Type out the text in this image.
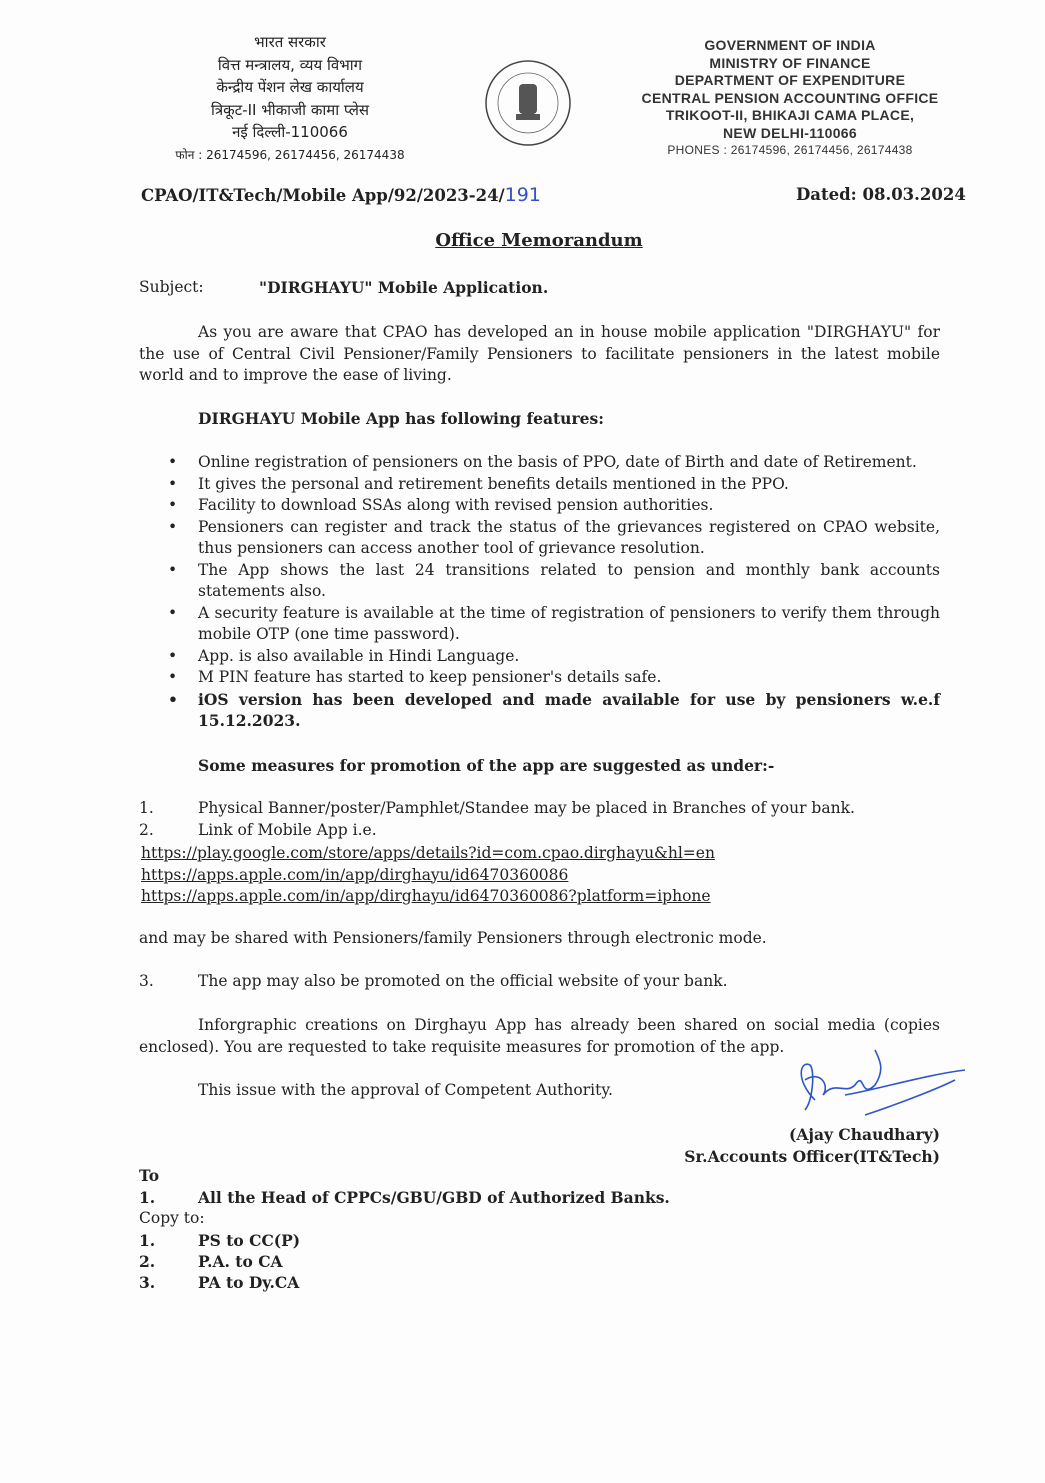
भारत सरकार
वित्त मन्त्रालय, व्यय विभाग
केन्द्रीय पेंशन लेख कार्यालय
त्रिकूट-II भीकाजी कामा प्लेस
नई दिल्ली-110066
फोन : 26174596, 26174456, 26174438
GOVERNMENT OF INDIA
MINISTRY OF FINANCE
DEPARTMENT OF EXPENDITURE
CENTRAL PENSION ACCOUNTING OFFICE
TRIKOOT-II, BHIKAJI CAMA PLACE,
NEW DELHI-110066
PHONES : 26174596, 26174456, 26174438
CPAO/IT&Tech/Mobile App/92/2023-24/191	Dated: 08.03.2024
Office Memorandum
Subject:	"DIRGHAYU" Mobile Application.
As you are aware that CPAO has developed an in house mobile application "DIRGHAYU" for the use of Central Civil Pensioner/Family Pensioners to facilitate pensioners in the latest mobile world and to improve the ease of living.
DIRGHAYU Mobile App has following features:
• Online registration of pensioners on the basis of PPO, date of Birth and date of Retirement.
• It gives the personal and retirement benefits details mentioned in the PPO.
• Facility to download SSAs along with revised pension authorities.
• Pensioners can register and track the status of the grievances registered on CPAO website, thus pensioners can access another tool of grievance resolution.
• The App shows the last 24 transitions related to pension and monthly bank accounts statements also.
• A security feature is available at the time of registration of pensioners to verify them through mobile OTP (one time password).
• App. is also available in Hindi Language.
• M PIN feature has started to keep pensioner's details safe.
• iOS version has been developed and made available for use by pensioners w.e.f 15.12.2023.
Some measures for promotion of the app are suggested as under:-
1.	Physical Banner/poster/Pamphlet/Standee may be placed in Branches of your bank.
2.	Link of Mobile App i.e.
https://play.google.com/store/apps/details?id=com.cpao.dirghayu&hl=en
https://apps.apple.com/in/app/dirghayu/id6470360086
https://apps.apple.com/in/app/dirghayu/id6470360086?platform=iphone
and may be shared with Pensioners/family Pensioners through electronic mode.
3.	The app may also be promoted on the official website of your bank.
Inforgraphic creations on Dirghayu App has already been shared on social media (copies enclosed). You are requested to take requisite measures for promotion of the app.
This issue with the approval of Competent Authority.
(Ajay Chaudhary)
Sr.Accounts Officer(IT&Tech)
To
1.	All the Head of CPPCs/GBU/GBD of Authorized Banks.
Copy to:
1.	PS to CC(P)
2.	P.A. to CA
3.	PA to Dy.CA
